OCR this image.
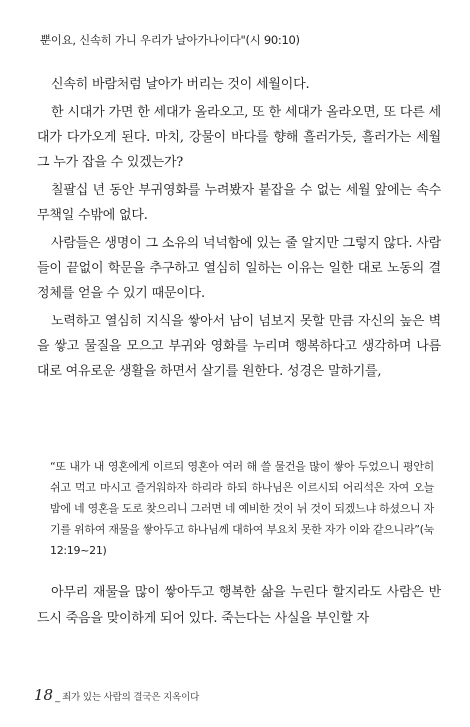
뿐이요, 신속히 가니 우리가 날아가나이다"(시 90:10)

신속히 바람처럼 날아가 버리는 것이 세월이다.

한 시대가 가면 한 세대가 올라오고, 또 한 세대가 올라오면, 또 다른 세대가 다가오게 된다. 마치, 강물이 바다를 향해 흘러가듯, 흘러가는 세월 그 누가 잡을 수 있겠는가?

칠팔십 년 동안 부귀영화를 누려봤자 붙잡을 수 없는 세월 앞에는 속수무책일 수밖에 없다.

사람들은 생명이 그 소유의 넉넉함에 있는 줄 알지만 그렇지 않다. 사람들이 끝없이 학문을 추구하고 열심히 일하는 이유는 일한 대로 노동의 결정체를 얻을 수 있기 때문이다.

노력하고 열심히 지식을 쌓아서 남이 넘보지 못할 만큼 자신의 높은 벽을 쌓고 물질을 모으고 부귀와 영화를 누리며 행복하다고 생각하며 나름대로 여유로운 생활을 하면서 살기를 원한다. 성경은 말하기를,

“또 내가 내 영혼에게 이르되 영혼아 여러 해 쓸 물건을 많이 쌓아 두었으니 평안히 쉬고 먹고 마시고 즐거워하자 하리라 하되 하나님은 이르시되 어리석은 자여 오늘 밤에 네 영혼을 도로 찾으리니 그러면 네 예비한 것이 뉘 것이 되겠느냐 하셨으니 자기를 위하여 재물을 쌓아두고 하나님께 대하여 부요치 못한 자가 이와 같으니라”(눅 12:19~21)

아무리 재물을 많이 쌓아두고 행복한 삶을 누린다 할지라도 사람은 반드시 죽음을 맞이하게 되어 있다. 죽는다는 사실을 부인할 자

18 _ 죄가 있는 사람의 결국은 지옥이다
